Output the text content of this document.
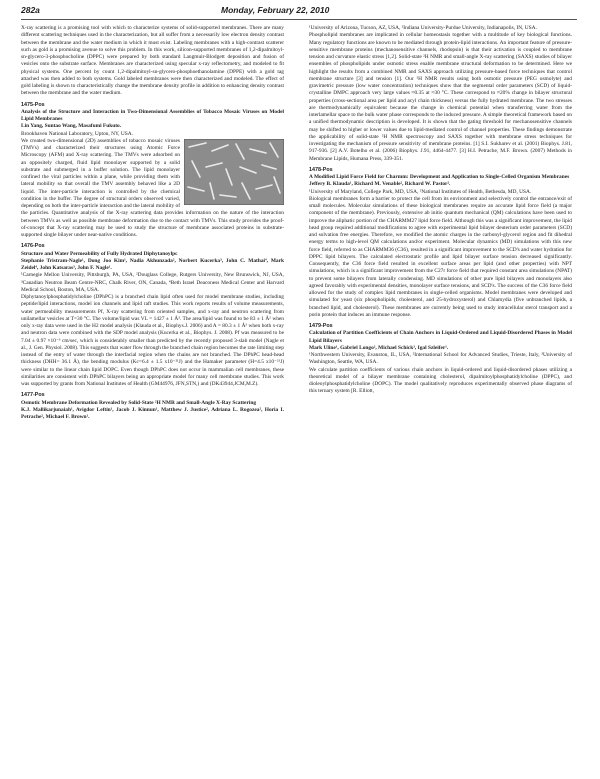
282a	Monday, February 22, 2010

X-ray scattering is a promising tool with which to characterize systems of solid-supported membranes. There are many different scattering techniques used in the characterization, but all suffer from a necessarily low electron density contrast between the membrane and the water medium in which it must exist. Labeling membranes with a high-contrast scatterer such as gold is a promising avenue to solve this problem. In this work, silicon-supported membranes of 1,2-dipalmitoyl-sn-glycero-3-phosphocholine (DPPC) were prepared by both standard Langmuir-Blodgett deposition and fusion of vesicles onto the substrate surface. Membranes are characterized using specular x-ray reflectometry, and modeled to fit physical systems. One percent by count 1,2-dipalmitoyl-sn-glycero-phosphoethanolamine (DPPE) with a gold tag attached was then added to both systems. Gold labeled membranes were then characterized and modeled. The effect of gold labeling is shown to characteristically change the membrane density profile in addition to enhancing density contrast between the membrane and the water medium.

1475-Pos

Analysis of the Structure and Interaction in Two-Dimensional Assemblies of Tobacco Mosaic Viruses on Model Lipid Membranes

Lin Yang, Suntao Wang, Masafumi Fukuto.

Brookhaven National Laboratory, Upton, NY, USA.

We created two-dimensional (2D) assemblies of tobacco mosaic viruses (TMVs) and characterized their structures using Atomic Force Microscopy (AFM) and X-ray scattering. The TMVs were adsorbed on an oppositely charged, fluid lipid monolayer supported by a solid substrate and submerged in a buffer solution. The lipid monolayer confined the viral particles within a plane, while providing them with lateral mobility so that overall the TMV assembly behaved like a 2D liquid. The inter-particle interaction is controlled by the chemical condition in the buffer. The degree of structural orders observed varied, depending on both the inter-particle interaction and the lateral mobility of the particles. Quantitative analysis of the X-ray scattering data provides information on the nature of the interaction between TMVs as well as possible membrane deformation due to the contact with TMVs. This study provides the proof-of-concept that X-ray scattering may be used to study the structure of membrane associated proteins in substrate-supported single bilayer under near-native conditions.

1476-Pos

Structure and Water Permeability of Fully Hydrated Diphytanoylpc

Stephanie Tristram-Nagle¹, Dong Joo Kim¹, Nadia Akhunzada², Norbert Kucerka³, John C. Mathai⁴, Mark Zeidel⁴, John Katsaras³, John F. Nagle¹.

¹Carnegie Mellon University, Pittsburgh, PA, USA, ²Douglass College, Rutgers University, New Brunswick, NJ, USA, ³Canadian Neutron Beam Centre-NRC, Chalk River, ON, Canada, ⁴Beth Israel Deaconess Medical Center and Harvard Medical School, Boston, MA, USA.

Diphytanoylphosphatidylcholine (DPhPC) is a branched chain lipid often used for model membrane studies, including peptide/lipid interactions, model ion channels and lipid raft studies. This work reports results of volume measurements, water permeability measurements Pf, X-ray scattering from oriented samples, and x-ray and neutron scattering from unilamellar vesicles at T=30 °C. The volume/lipid was VL = 1427 ± 1 Å³. The area/lipid was found to be 83 ± 1 Å² when only x-ray data were used in the H2 model analysis (Klauda et al., Biophys.J. 2006) and A = 80.3 ± 1 Å² when both x-ray and neutron data were combined with the SDP model analysis (Kucerka et al., Biophys. J. 2008). Pf was measured to be 7.04 ± 0.97 ×10⁻³ cm/sec, which is considerably smaller than predicted by the recently proposed 3-slab model (Nagle et al., J. Gen. Physiol. 2008). This suggests that water flow through the branched chain region becomes the rate limiting step instead of the entry of water through the interfacial region when the chains are not branched. The DPhPC head-head thickness (DHH= 36.1 Å), the bending modulus (Kc=6.4 ± 1.5 x10⁻²¹J) and the Hamaker parameter (H=4.5 x10⁻²¹J) were similar to the linear chain lipid DOPC. Even though DPhPC does not occur in mammalian cell membranes, these similarities are consistent with DPhPC bilayers being an appropriate model for many cell membrane studies. This work was supported by grants from National Institutes of Health (GM44976, JFN,STN,) and (DK43944,JCM,M.Z).

1477-Pos

Osmotic Membrane Deformation Revealed by Solid-State ²H NMR and Small-Angle X-Ray Scattering

K.J. Mallikarjunaiah¹, Avigdor Leftin¹, Jacob J. Kinnun¹, Matthew J. Justice², Adriana L. Rogozea², Horia I. Petrache², Michael F. Brown¹.

¹University of Arizona, Tucson, AZ, USA, ²Indiana University-Purdue University, Indianapolis, IN, USA.

Phospholipid membranes are implicated in cellular homeostasis together with a multitude of key biological functions. Many regulatory functions are known to be mediated through protein-lipid interactions. An important feature of pressure-sensitive membrane proteins (mechanosensitive channels, rhodopsin) is that their activation is coupled to membrane tension and curvature elastic stress [1,2]. Solid-state ²H NMR and small-angle X-ray scattering (SAXS) studies of bilayer ensembles of phospholipids under osmotic stress enable membrane structural deformation to be determined. Here we highlight the results from a combined NMR and SAXS approach utilizing pressure-based force techniques that control membrane structure [3] and tension [1]. Our ²H NMR results using both osmotic pressure (PEG osmolyte) and gravimetric pressure (low water concentration) techniques show that the segmental order parameters (SCD) of liquid-crystalline DMPC approach very large values ≈0.35 at ≈30 °C. These correspond to ≈20% change in bilayer structural properties (cross-sectional area per lipid and acyl chain thickness) versus the fully hydrated membrane. The two stresses are thermodynamically equivalent because the change in chemical potential when transferring water from the interlamellar space to the bulk water phase corresponds to the induced pressure. A simple theoretical framework based on a unified thermodynamic description is developed. It is shown that the gating threshold for mechanosensitive channels may be shifted to higher or lower values due to lipid-mediated control of channel properties. These findings demonstrate the applicability of solid-state ²H NMR spectroscopy and SAXS together with membrane stress techniques for investigating the mechanism of pressure sensitivity of membrane proteins. [1] S.I. Sukharev et al. (2001) Biophys. J.81, 917-936. [2] A.V. Botelho et al. (2006) Biophys. J.91, 4464-4477. [3] H.I. Petrache, M.F. Brown. (2007) Methods in Membrane Lipids, Humana Press, 339-351.

1478-Pos

A Modified Lipid Force Field for Charmm: Development and Application to Single-Celled Organism Membranes

Jeffery B. Klauda¹, Richard M. Venable², Richard W. Pastor².

¹University of Maryland, College Park, MD, USA, ²National Institutes of Health, Bethesda, MD, USA.

Biological membranes form a barrier to protect the cell from its environment and selectively control the entrance/exit of small molecules. Molecular simulations of these biological membranes require an accurate lipid force field (a major component of the membrane). Previously, extensive ab initio quantum mechanical (QM) calculations have been used to improve the aliphatic portion of the CHARMM27 lipid force field. Although this was a significant improvement, the lipid head group required additional modifications to agree with experimental lipid bilayer deuterium order parameters (SCD) and solvation free energies. Therefore, we modified the atomic charges in the carbonyl-glycerol region and fit dihedral energy terms to high-level QM calculations and/or experiment. Molecular dynamics (MD) simulations with this new force field, referred to as CHARMM36 (C36), resulted in a significant improvement to the SCD's and water hydration for DPPC lipid bilayers. The calculated electrostatic profile and lipid bilayer surface tension decreased significantly. Consequently, the C36 force field resulted in excellent surface areas per lipid (and other properties) with NPT simulations, which is a significant improvement from the C27r force field that required constant area simulations (NPAT) to prevent some bilayers from laterally condensing. MD simulations of other pure lipid bilayers and monolayers also agreed favorably with experimental densities, monolayer surface tensions, and SCD's. The success of the C36 force field allowed for the study of complex lipid membranes in single-celled organisms. Model membranes were developed and simulated for yeast (six phospholipids, cholesterol, and 25-hydroxysterol) and Chlamydia (five unbranched lipids, a branched lipid, and cholesterol). These membranes are currently being used to study intracellular sterol transport and a porin protein that induces an immune response.

1479-Pos

Calculation of Partition Coefficients of Chain Anchors in Liquid-Ordered and Liquid-Disordered Phases in Model Lipid Bilayers

Mark Uline¹, Gabriel Longo², Michael Schick³, Igal Szleifer¹.

¹Northwestern University, Evanston, IL, USA, ²International School for Advanced Studies, Trieste, Italy, ³University of Washington, Seattle, WA, USA.

We calculate partition coefficients of various chain anchors in liquid-ordered and liquid-disordered phases utilizing a theoretical model of a bilayer membrane containing cholesterol, dipalmitoylphosphatidylcholine (DPPC), and dioleoylphosphatidylcholine (DOPC). The model qualitatively reproduces experimentally observed phase diagrams of this ternary system [R. Elliott,
